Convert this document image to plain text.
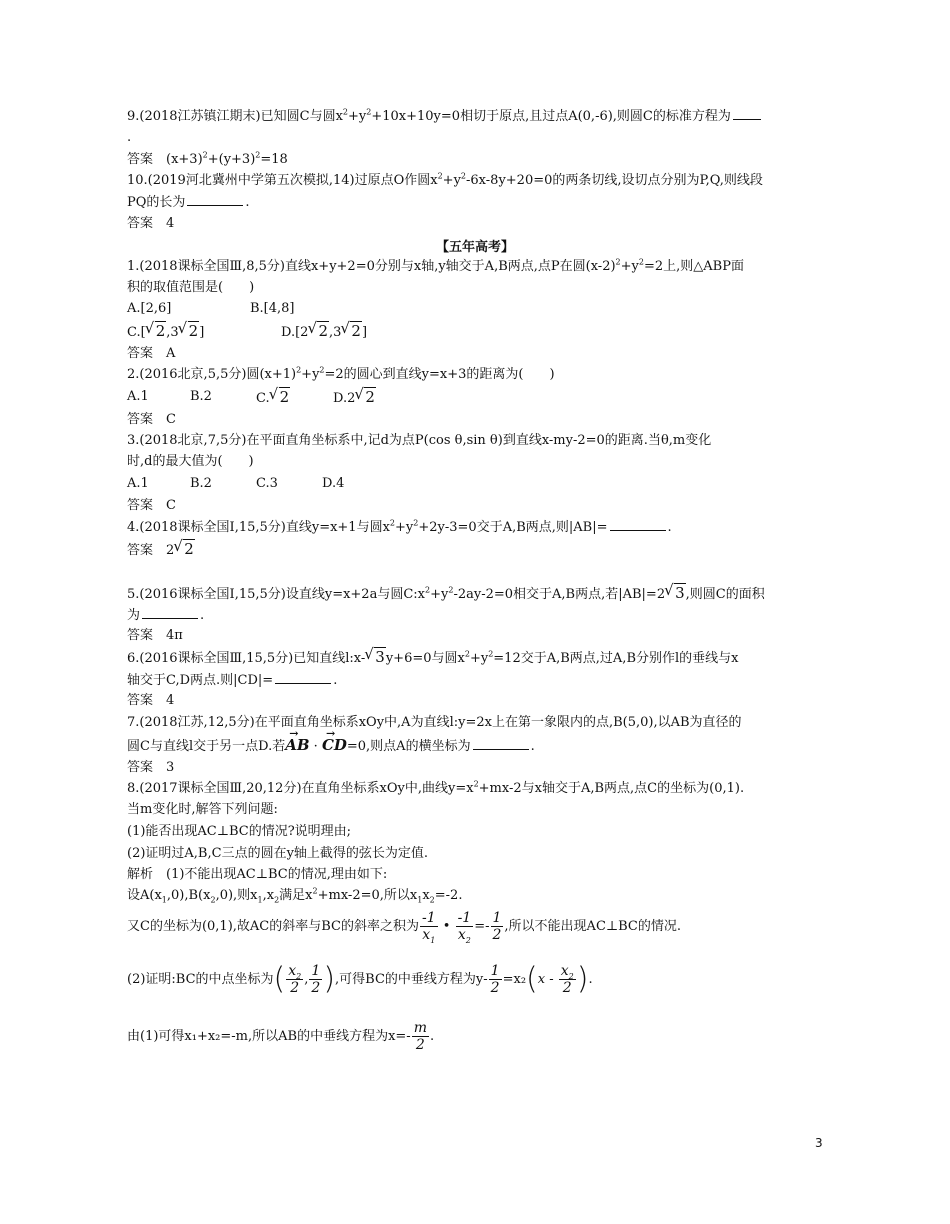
9.(2018江苏镇江期末)已知圆C与圆$x^2+y^2+10x+10y=0$相切于原点,且过点A(0,-6),则圆C的标准方程为
.
答案　$(x+3)^2+(y+3)^2=18$
10.(2019河北冀州中学第五次模拟,14)过原点O作圆$x^2+y^2-6x-8y+20=0$的两条切线,设切点分别为P,Q,则线段
PQ的长为	.
答案　4
【五年高考】
1.(2018课标全国Ⅲ,8,5分)直线x+y+2=0分别与x轴,y轴交于A,B两点,点P在圆$(x-2)^2+y^2=2$上,则△ABP面
积的取值范围是(　　)
A.[2,6]	B.[4,8]
C.[ √ 2,3 √ 2]	D.[2 √ 2,3 √ 2]
答案　A
2.(2016北京,5,5分)圆$(x+1)^2+y^2=2$的圆心到直线y=x+3的距离为(　　)
A.1	B.2	C. √ 2	D.2 √ 2
答案　C
3.(2018北京,7,5分)在平面直角坐标系中,记d为点P(cos θ,sin θ)到直线x-my-2=0的距离.当θ,m变化
时,d的最大值为(　　)
A.1	B.2	C.3	D.4
答案　C
4.(2018课标全国Ⅰ,15,5分)直线y=x+1与圆$x^2+y^2+2y-3=0$交于A,B两点,则|AB|=	.
答案　2 √ 2
5.(2016课标全国Ⅰ,15,5分)设直线y=x+2a与圆$C:x^2+y^2-2ay-2=0$相交于A,B两点,若|AB|=2 √ 3,则圆C的面积
为	.
答案　4π
6.(2016课标全国Ⅲ,15,5分)已知直线l:x- √ 3y+6=0与圆$x^2+y^2=12$交于A,B两点,过A,B分别作l的垂线与x
轴交于C,D两点.则|CD|=	.
答案　4
7.(2018江苏,12,5分)在平面直角坐标系xOy中,A为直线l:y=2x上在第一象限内的点,B(5,0),以AB为直径的
圆C与直线l交于另一点D.若→ AB · → CD=0,则点A的横坐标为	.
答案　3
8.(2017课标全国Ⅲ,20,12分)在直角坐标系xOy中,曲线$y=x^2+mx-2$与x轴交于A,B两点,点C的坐标为(0,1).
当m变化时,解答下列问题:
(1)能否出现AC⊥BC的情况?说明理由;
(2)证明过A,B,C三点的圆在y轴上截得的弦长为定值.
解析　(1)不能出现AC⊥BC的情况,理由如下:
设$A(x_1,0),B(x_2,0)$,则$x_1,x_2$满足$x^2+mx-2=0$,所以$x_1x_2=-2$.
又C的坐标为(0,1),故AC的斜率与BC的斜率之积为 $\frac{-1}{x_1}$ • $\frac{-1}{x_2} =- \frac{1}{2}$ ,所以不能出现AC⊥BC的情况.
(2)证明:BC的中点坐标为( $\frac{x_2}{2}$ , $\frac{1}{2}$ ),可得BC的中垂线方程为$y- \frac{1}{2} =x_2(x - \frac{x_2}{2}$ ).
由(1)可得x₁+x₂=-m,所以AB的中垂线方程为$x=- \frac{m}{2}$ .
3
